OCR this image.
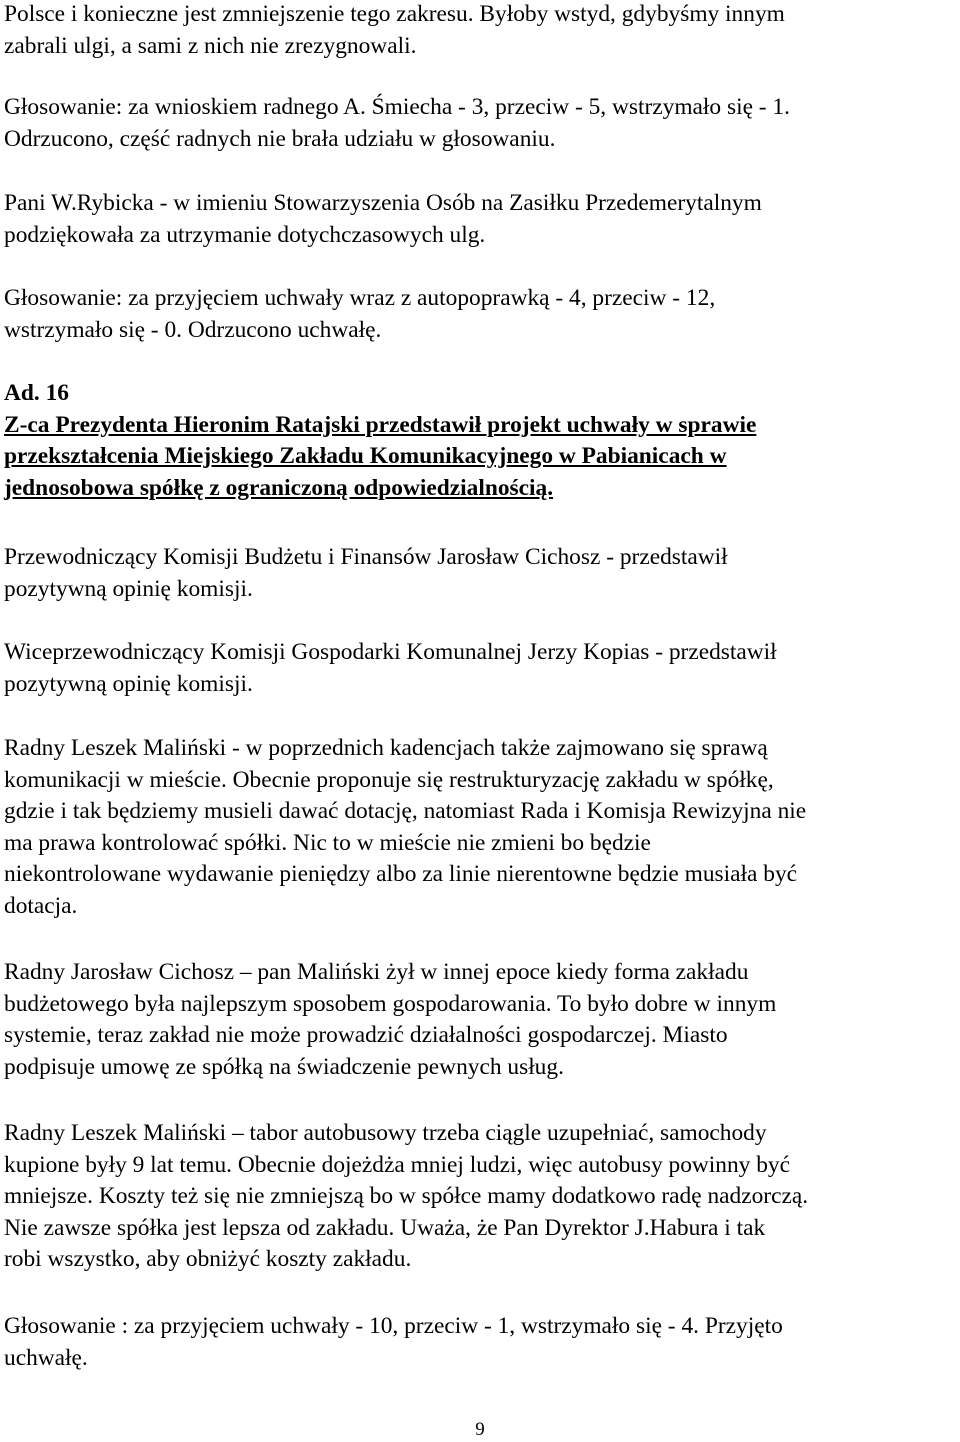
Polsce i konieczne jest zmniejszenie tego zakresu. Byłoby wstyd, gdybyśmy innym
zabrali ulgi, a sami z nich nie zrezygnowali.
Głosowanie: za wnioskiem radnego A. Śmiecha - 3, przeciw - 5, wstrzymało się - 1.
Odrzucono, część radnych nie brała udziału w głosowaniu.
Pani W.Rybicka - w imieniu Stowarzyszenia Osób na Zasiłku Przedemerytalnym
podziękowała za utrzymanie dotychczasowych ulg.
Głosowanie: za przyjęciem uchwały wraz z autopoprawką - 4, przeciw - 12,
wstrzymało się - 0. Odrzucono uchwałę.
Ad. 16
Z-ca Prezydenta Hieronim Ratajski przedstawił projekt uchwały w sprawie
przekształcenia Miejskiego Zakładu Komunikacyjnego w Pabianicach w
jednosobowa spółkę z ograniczoną odpowiedzialnością.
Przewodniczący Komisji Budżetu i Finansów Jarosław Cichosz - przedstawił
pozytywną opinię komisji.
Wiceprzewodniczący Komisji Gospodarki Komunalnej Jerzy Kopias - przedstawił
pozytywną opinię komisji.
Radny Leszek Maliński - w poprzednich kadencjach także zajmowano się sprawą
komunikacji w mieście. Obecnie proponuje się restrukturyzację zakładu w spółkę,
gdzie i tak będziemy musieli dawać dotację, natomiast Rada i Komisja Rewizyjna nie
ma prawa kontrolować spółki. Nic to w mieście nie zmieni bo będzie
niekontrolowane wydawanie pieniędzy albo za linie nierentowne będzie musiała być
dotacja.
Radny Jarosław Cichosz – pan Maliński żył w innej epoce kiedy forma zakładu
budżetowego była najlepszym sposobem gospodarowania. To było dobre w innym
systemie, teraz zakład nie może prowadzić działalności gospodarczej. Miasto
podpisuje umowę ze spółką na świadczenie pewnych usług.
Radny Leszek Maliński – tabor autobusowy trzeba ciągle uzupełniać, samochody
kupione były 9 lat temu. Obecnie dojeżdża mniej ludzi, więc autobusy powinny być
mniejsze. Koszty też się nie zmniejszą bo w spółce mamy dodatkowo radę nadzorczą.
Nie zawsze spółka jest lepsza od zakładu. Uważa, że Pan Dyrektor J.Habura i tak
robi wszystko, aby obniżyć koszty zakładu.
Głosowanie : za przyjęciem uchwały - 10, przeciw - 1, wstrzymało się - 4. Przyjęto
uchwałę.
9
